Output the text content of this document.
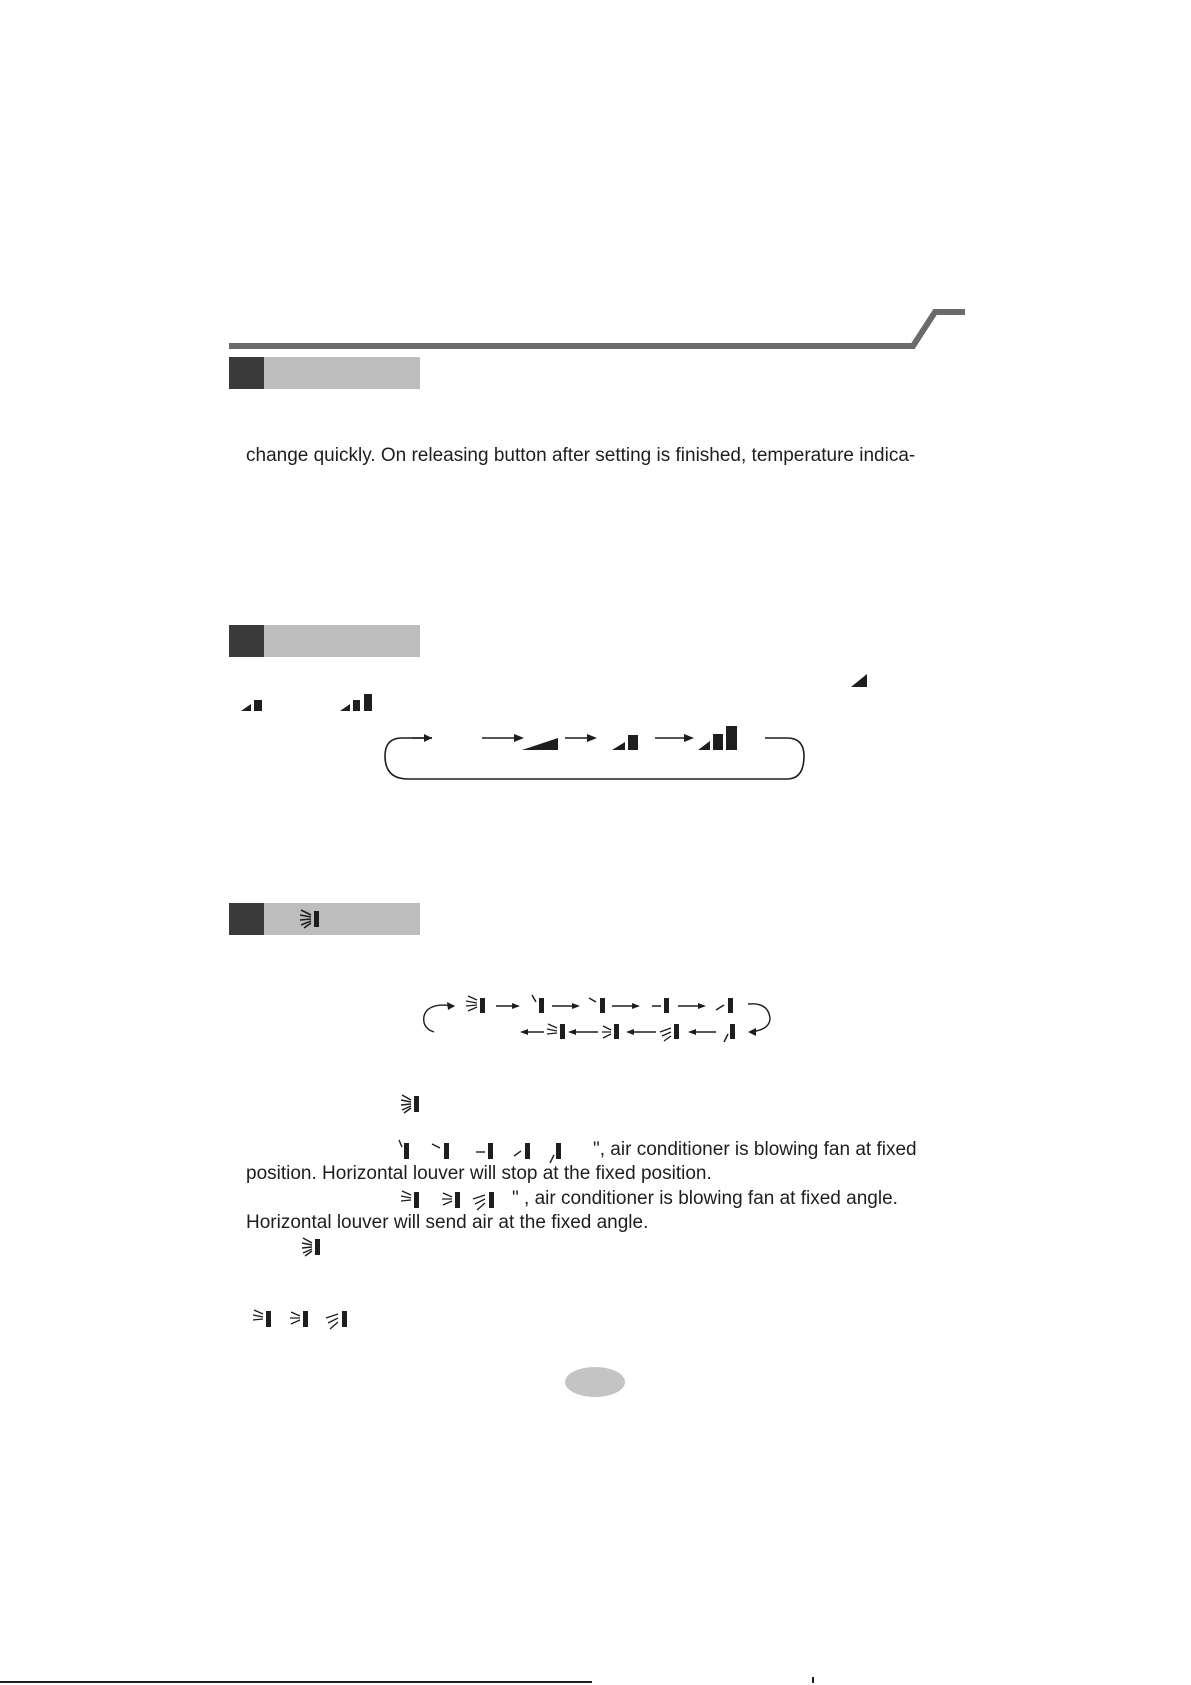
change quickly. On releasing button after setting is finished, temperature indica-
", air conditioner is blowing fan at fixed
position. Horizontal louver will stop at the fixed position.
" , air conditioner is blowing fan at fixed angle.
Horizontal louver will send air at the fixed angle.
